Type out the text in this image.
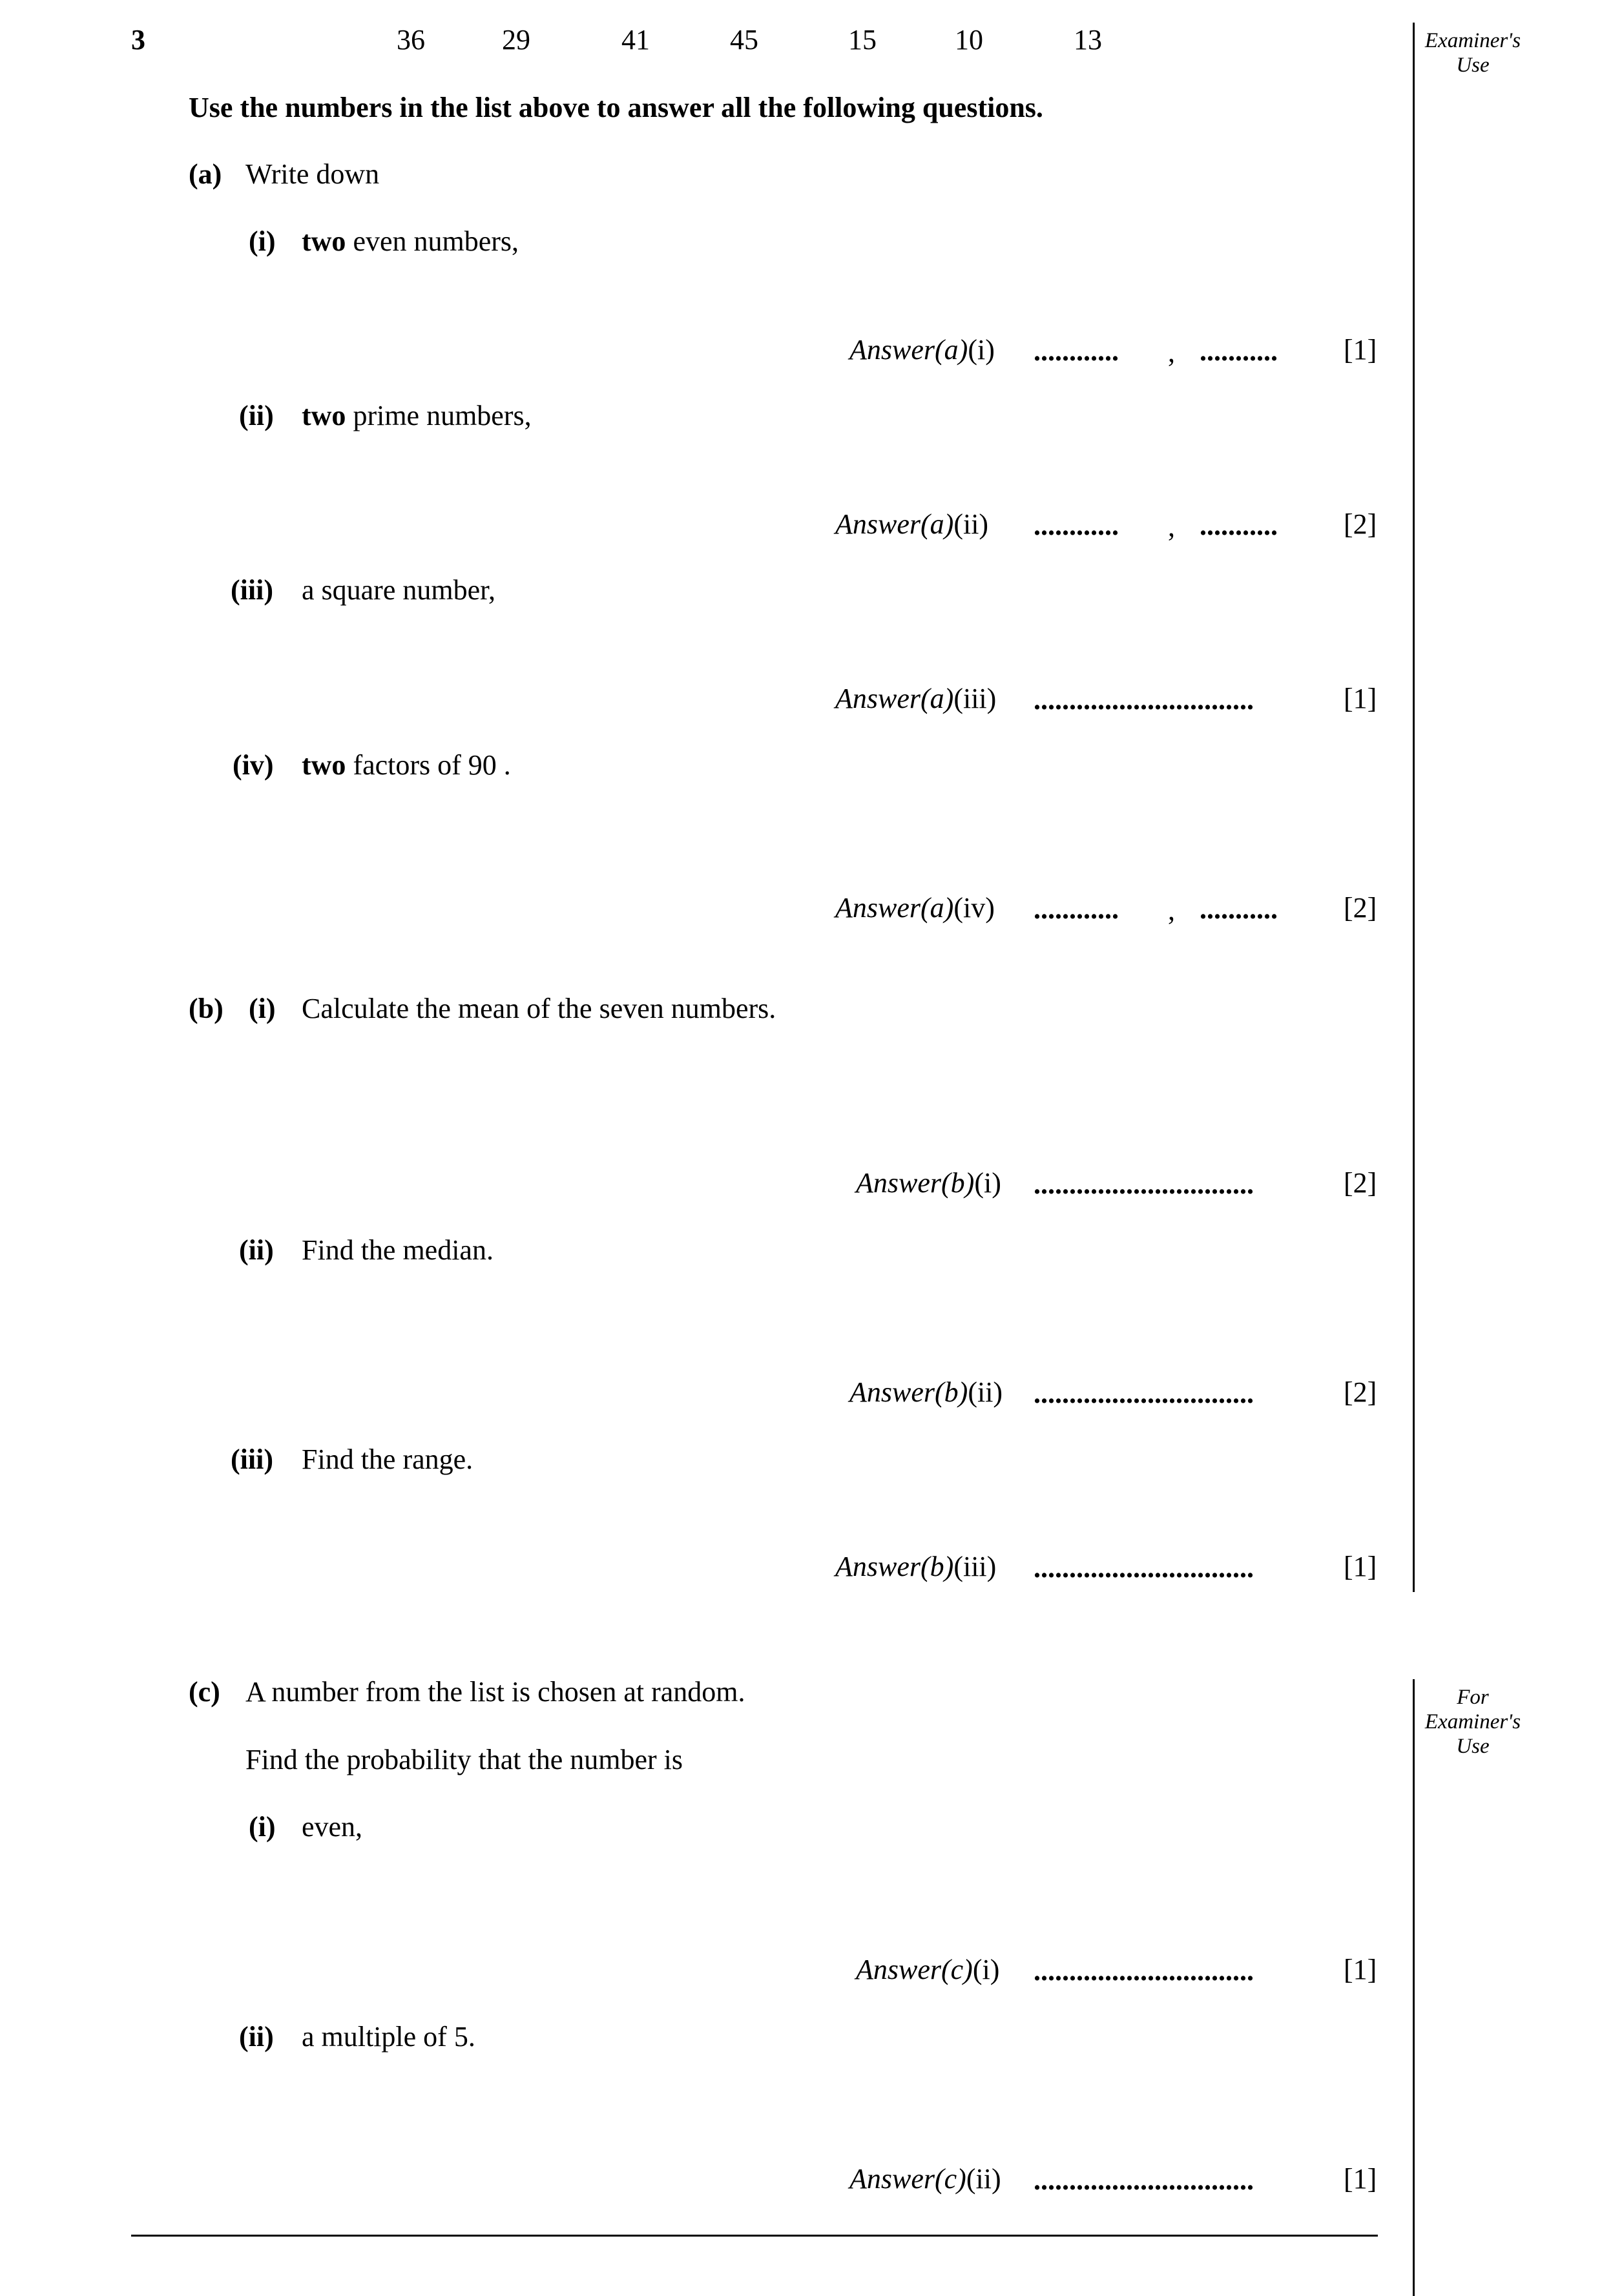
3	36	29	41	45	15	10	13	Examiner's Use
For Examiner's Use
Use the numbers in the list above to answer all the following questions.
(a) Write down
(i) two even numbers,
Answer(a)(i) ............ , ........... [1]
(ii) two prime numbers,
Answer(a)(ii) ............ , ........... [2]
(iii) a square number,
Answer(a)(iii) ...............................	[1]
(iv) two factors of 90 .
Answer(a)(iv) ............ , ........... [2]
(b) (i) Calculate the mean of the seven numbers.
Answer(b)(i) ...............................	[2]
(ii) Find the median.
Answer(b)(ii) ...............................	[2]
(iii) Find the range.
Answer(b)(iii) ...............................	[1]
(c) A number from the list is chosen at random.
Find the probability that the number is
(i) even,
Answer(c)(i) ...............................	[1]
(ii) a multiple of 5.
Answer(c)(ii) ...............................	[1]
